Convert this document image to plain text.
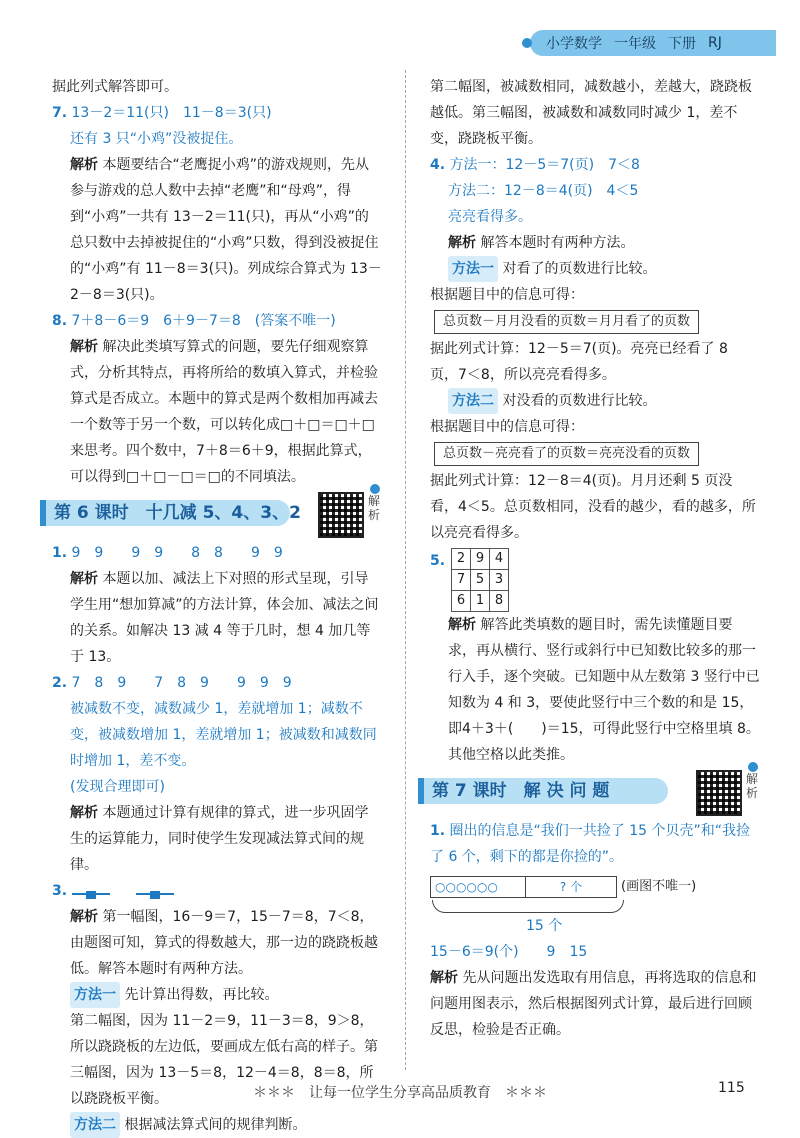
小学数学 一年级 下册 RJ

据此列式解答即可。

7. 13－2＝11(只)　11－8＝3(只)

还有 3 只“小鸡”没被捉住。

解析 本题要结合“老鹰捉小鸡”的游戏规则，先从参与游戏的总人数中去掉“老鹰”和“母鸡”，得到“小鸡”一共有 13－2＝11(只)，再从“小鸡”的总只数中去掉被捉住的“小鸡”只数，得到没被捉住的“小鸡”有 11－8＝3(只)。列成综合算式为 13－2－8＝3(只)。

8. 7＋8－6＝9　6＋9－7＝8　(答案不唯一)

解析 解决此类填写算式的问题，要先仔细观察算式，分析其特点，再将所给的数填入算式，并检验算式是否成立。本题中的算式是两个数相加再减去一个数等于另一个数，可以转化成□＋□＝□＋□来思考。四个数中，7＋8＝6＋9，根据此算式，可以得到□＋□－□＝□的不同填法。

第 6 课时　十几减 5、4、3、2
解析

1. 9　9　　9　9　　8　8　　9　9

解析 本题以加、减法上下对照的形式呈现，引导学生用“想加算减”的方法计算，体会加、减法之间的关系。如解决 13 减 4 等于几时，想 4 加几等于 13。

2. 7　8　9　　7　8　9　　9　9　9

被减数不变，减数减少 1，差就增加 1；减数不变，被减数增加 1，差就增加 1；被减数和减数同时增加 1，差不变。

(发现合理即可)

解析 本题通过计算有规律的算式，进一步巩固学生的运算能力，同时使学生发现减法算式间的规律。

3.

解析 第一幅图，16－9＝7，15－7＝8，7＜8，由题图可知，算式的得数越大，那一边的跷跷板越低。解答本题时有两种方法。

方法一 先计算出得数，再比较。

第二幅图，因为 11－2＝9，11－3＝8，9＞8，所以跷跷板的左边低，要画成左低右高的样子。第三幅图，因为 13－5＝8，12－4＝8，8＝8，所以跷跷板平衡。

方法二 根据减法算式间的规律判断。

第二幅图，被减数相同，减数越小，差越大，跷跷板越低。第三幅图，被减数和减数同时减少 1，差不变，跷跷板平衡。

4. 方法一：12－5＝7(页)　7＜8

方法二：12－8＝4(页)　4＜5

亮亮看得多。

解析 解答本题时有两种方法。

方法一 对看了的页数进行比较。

根据题目中的信息可得：

总页数－月月没看的页数＝月月看了的页数

据此列式计算：12－5＝7(页)。亮亮已经看了 8 页，7＜8，所以亮亮看得多。

方法二 对没看的页数进行比较。

根据题目中的信息可得：

总页数－亮亮看了的页数＝亮亮没看的页数

据此列式计算：12－8＝4(页)。月月还剩 5 页没看，4＜5。总页数相同，没看的越少，看的越多，所以亮亮看得多。

5. 2	9	4
7	5	3
6	1	8

解析 解答此类填数的题目时，需先读懂题目要求，再从横行、竖行或斜行中已知数比较多的那一行入手，逐个突破。已知题中从左数第 3 竖行中已知数为 4 和 3，要使此竖行中三个数的和是 15，即4＋3＋(　　)＝15，可得此竖行中空格里填 8。其他空格以此类推。

第 7 课时　解 决 问 题
解析

1. 圈出的信息是“我们一共捡了 15 个贝壳”和“我捡了 6 个，剩下的都是你捡的”。

○○○○○○	? 个	(画图不唯一)

15 个

15－6＝9(个)　　9　15

解析 先从问题出发选取有用信息，再将选取的信息和问题用图表示，然后根据图列式计算，最后进行回顾反思，检验是否正确。

＊＊＊　让每一位学生分享高品质教育　＊＊＊	115
